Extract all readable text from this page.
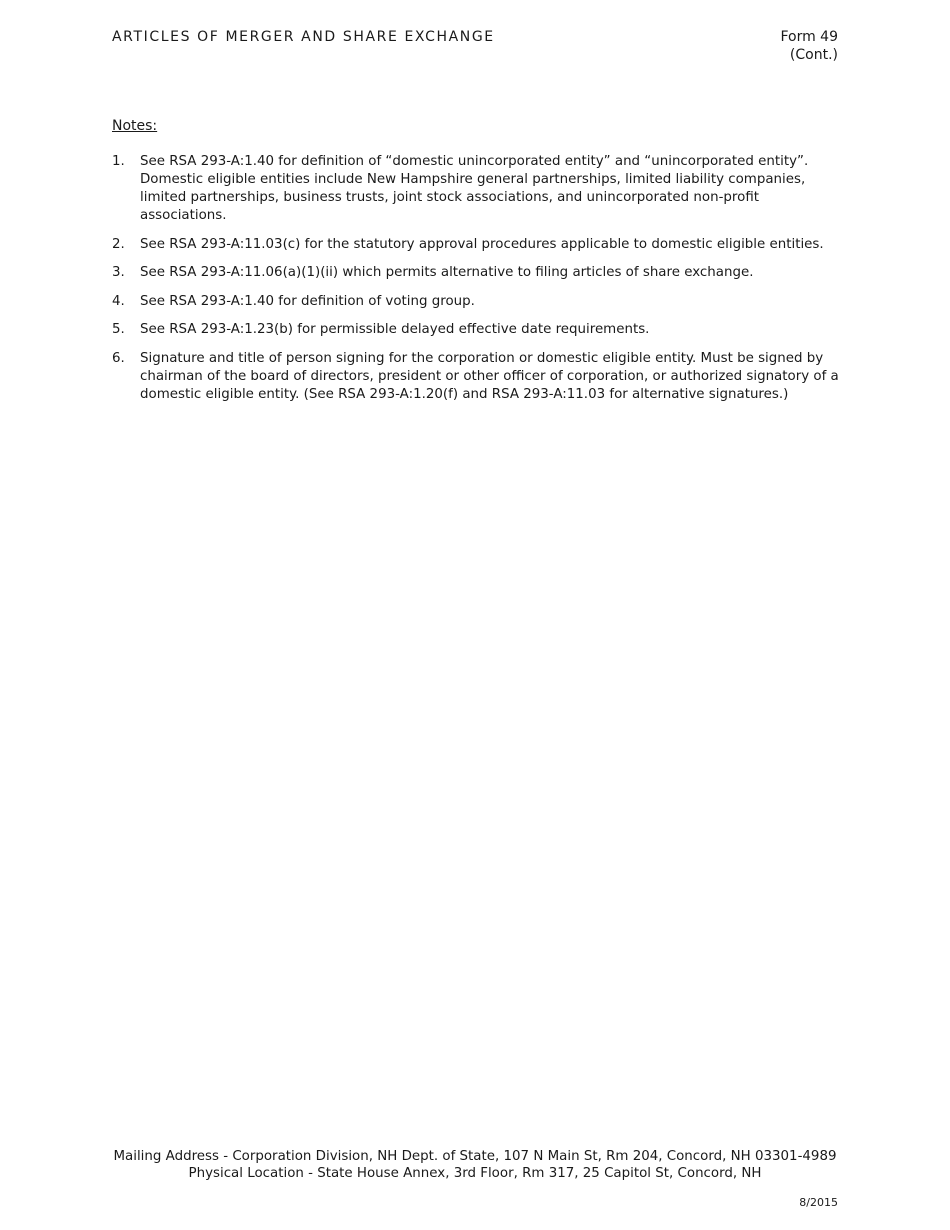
ARTICLES OF MERGER AND SHARE EXCHANGE	Form 49
(Cont.)
Notes:
1.	See RSA 293-A:1.40 for definition of “domestic unincorporated entity” and “unincorporated entity”. Domestic eligible entities include New Hampshire general partnerships, limited liability companies, limited partnerships, business trusts, joint stock associations, and unincorporated non-profit associations.
2.	See RSA 293-A:11.03(c) for the statutory approval procedures applicable to domestic eligible entities.
3.	See RSA 293-A:11.06(a)(1)(ii) which permits alternative to filing articles of share exchange.
4.	See RSA 293-A:1.40 for definition of voting group.
5.	See RSA 293-A:1.23(b) for permissible delayed effective date requirements.
6.	Signature and title of person signing for the corporation or domestic eligible entity. Must be signed by chairman of the board of directors, president or other officer of corporation, or authorized signatory of a domestic eligible entity. (See RSA 293-A:1.20(f) and RSA 293-A:11.03 for alternative signatures.)
Mailing Address - Corporation Division, NH Dept. of State, 107 N Main St, Rm 204, Concord, NH 03301-4989
Physical Location - State House Annex, 3rd Floor, Rm 317, 25 Capitol St, Concord, NH
8/2015
